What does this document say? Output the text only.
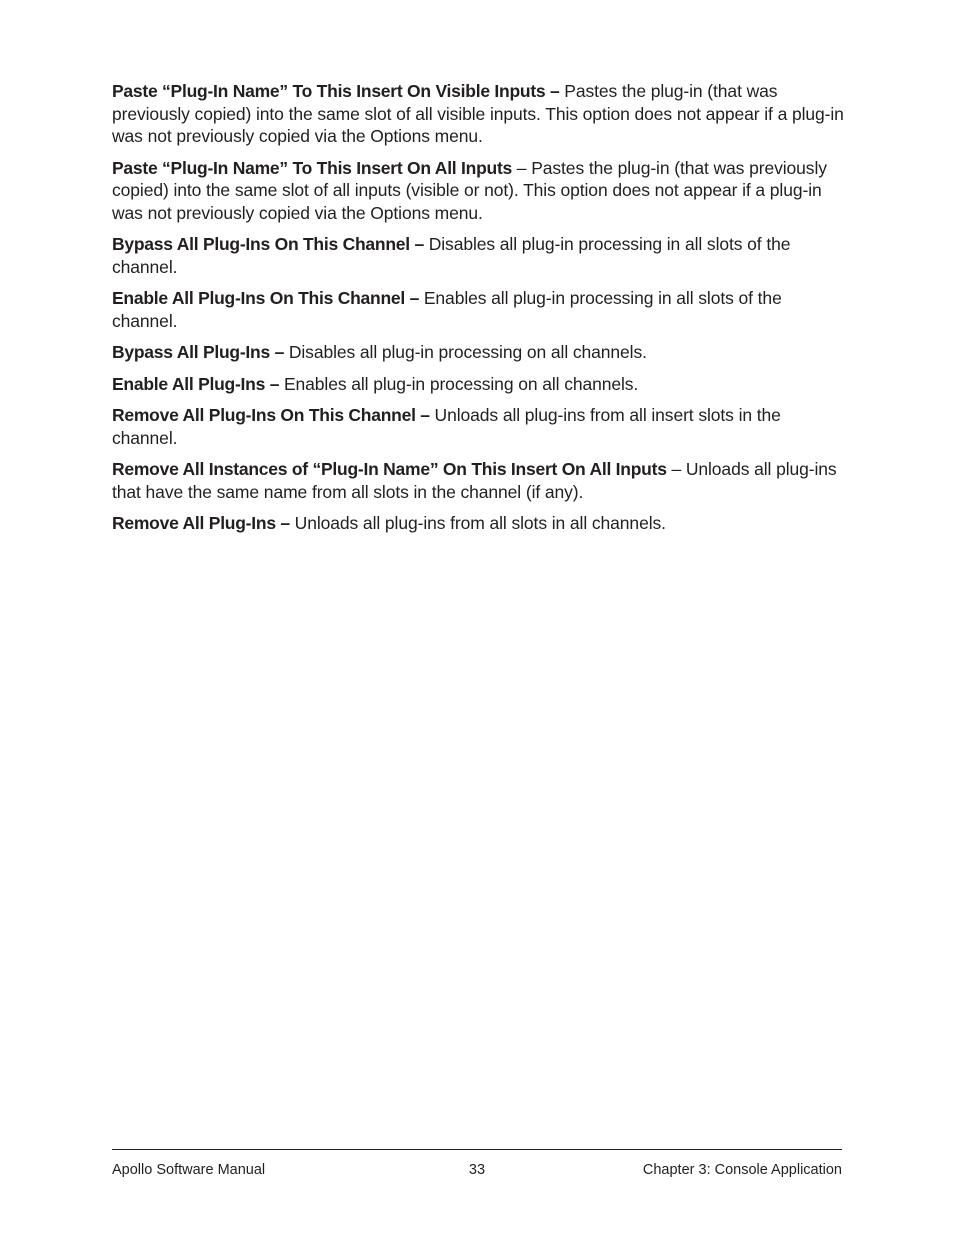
Paste “Plug-In Name” To This Insert On Visible Inputs – Pastes the plug-in (that was previously copied) into the same slot of all visible inputs. This option does not appear if a plug-in was not previously copied via the Options menu.

Paste “Plug-In Name” To This Insert On All Inputs – Pastes the plug-in (that was previously copied) into the same slot of all inputs (visible or not). This option does not appear if a plug-in was not previously copied via the Options menu.

Bypass All Plug-Ins On This Channel – Disables all plug-in processing in all slots of the channel.

Enable All Plug-Ins On This Channel – Enables all plug-in processing in all slots of the channel.

Bypass All Plug-Ins – Disables all plug-in processing on all channels.

Enable All Plug-Ins – Enables all plug-in processing on all channels.

Remove All Plug-Ins On This Channel – Unloads all plug-ins from all insert slots in the channel.

Remove All Instances of “Plug-In Name” On This Insert On All Inputs – Unloads all plug-ins that have the same name from all slots in the channel (if any).

Remove All Plug-Ins – Unloads all plug-ins from all slots in all channels.

33
Apollo Software Manual	Chapter 3: Console Application
